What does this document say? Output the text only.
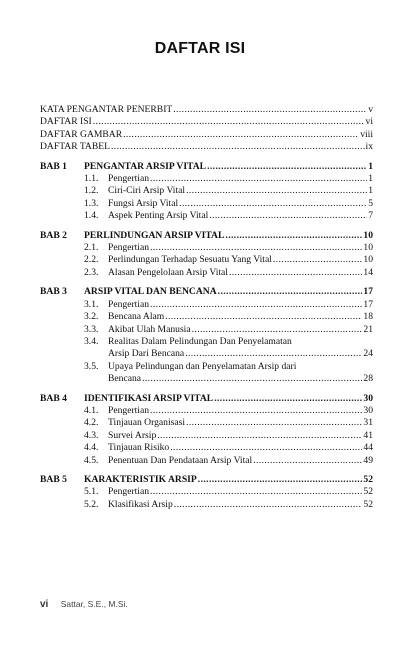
DAFTAR ISI
KATA PENGANTAR PENERBIT .....	v
DAFTAR ISI .....	vi
DAFTAR GAMBAR .....	viii
DAFTAR TABEL .....	ix
BAB 1	PENGANTAR ARSIP VITAL .....	1
1.1.	Pengertian .....	1
1.2.	Ciri-Ciri Arsip Vital .....	1
1.3.	Fungsi Arsip Vital .....	5
1.4.	Aspek Penting Arsip Vital .....	7
BAB 2	PERLINDUNGAN ARSIP VITAL .....	10
2.1.	Pengertian .....	10
2.2.	Perlindungan Terhadap Sesuatu Yang Vital .....	10
2.3.	Alasan Pengelolaan Arsip Vital .....	14
BAB 3	ARSIP VITAL DAN BENCANA .....	17
3.1.	Pengertian .....	17
3.2.	Bencana Alam .....	18
3.3.	Akibat Ulah Manusia .....	21
3.4.	Realitas Dalam Pelindungan Dan Penyelamatan
Arsip Dari Bencana .....	24
3.5.	Upaya Pelindungan dan Penyelamatan Arsip dari
Bencana .....	28
BAB 4	IDENTIFIKASI ARSIP VITAL .....	30
4.1.	Pengertian .....	30
4.2.	Tinjauan Organisasi .....	31
4.3.	Survei Arsip .....	41
4.4.	Tinjauan Risiko .....	44
4.5.	Penentuan Dan Pendataan Arsip Vital .....	49
BAB 5	KARAKTERISTIK ARSIP .....	52
5.1.	Pengertian .....	52
5.2.	Klasifikasi Arsip .....	52
vi Sattar, S.E., M.Si.
